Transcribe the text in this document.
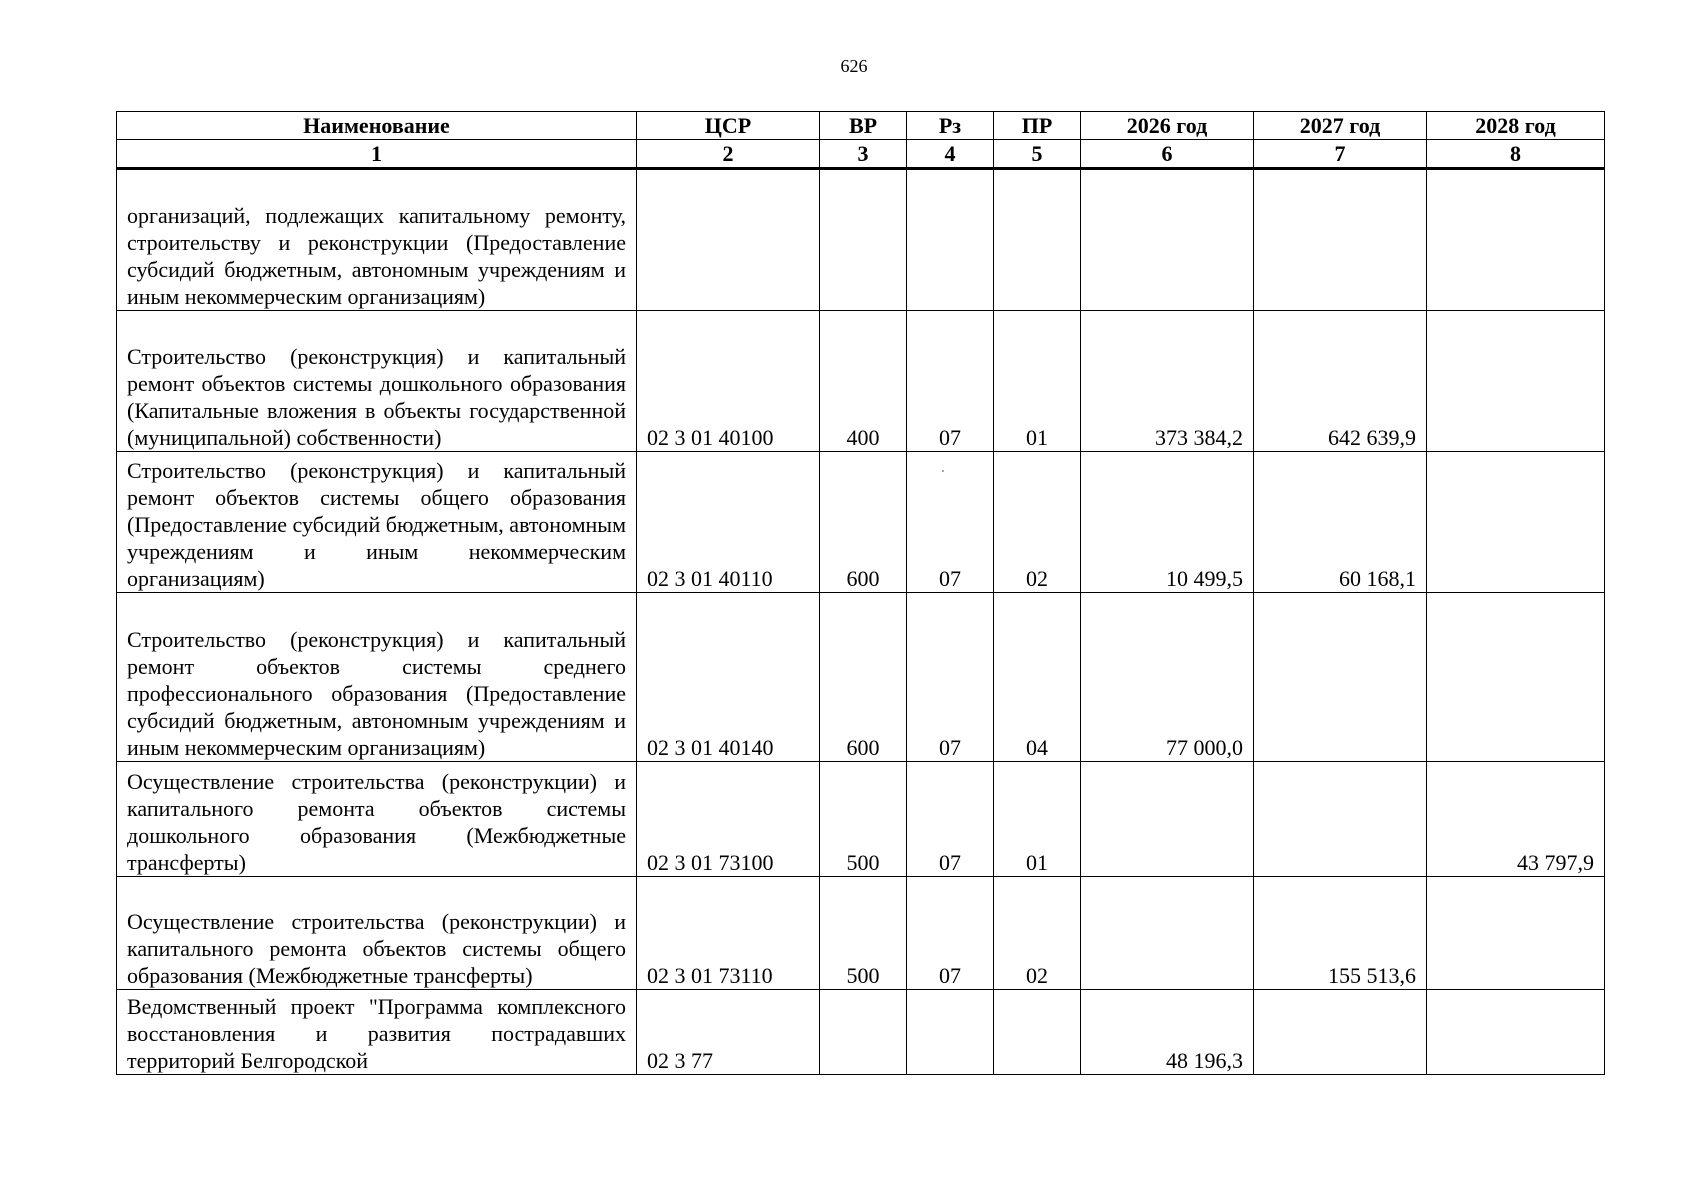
626
Наименование	ЦСР	ВР	Рз	ПР	2026 год	2027 год	2028 год
1	2	3	4	5	6	7	8
организаций, подлежащих капитальному ремонту, строительству и реконструкции (Предоставление субсидий бюджетным, автономным учреждениям и иным некоммерческим организациям)							
Строительство (реконструкция) и капитальный ремонт объектов системы дошкольного образования (Капитальные вложения в объекты государственной (муниципальной) собственности)	02 3 01 40100	400	07	01	373 384,2	642 639,9	
Строительство (реконструкция) и капитальный ремонт объектов системы общего образования (Предоставление субсидий бюджетным, автономным учреждениям и иным некоммерческим организациям)	02 3 01 40110	600	07	02	10 499,5	60 168,1	
Строительство (реконструкция) и капитальный ремонт объектов системы среднего профессионального образования (Предоставление субсидий бюджетным, автономным учреждениям и иным некоммерческим организациям)	02 3 01 40140	600	07	04	77 000,0		
Осуществление строительства (реконструкции) и капитального ремонта объектов системы дошкольного образования (Межбюджетные трансферты)	02 3 01 73100	500	07	01			43 797,9
Осуществление строительства (реконструкции) и капитального ремонта объектов системы общего образования (Межбюджетные трансферты)	02 3 01 73110	500	07	02		155 513,6	
Ведомственный проект "Программа комплексного восстановления и развития пострадавших территорий Белгородской	02 3 77				48 196,3		
